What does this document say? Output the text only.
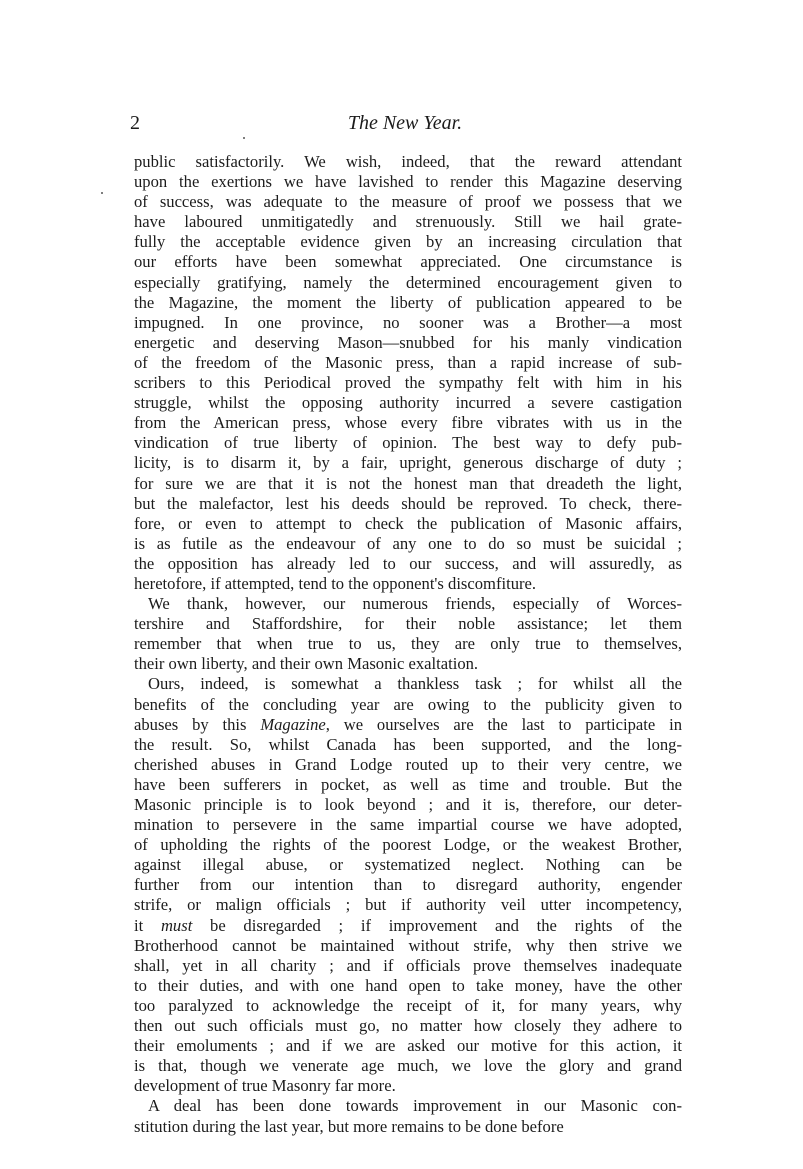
2	The New Year.

public satisfactorily. We wish, indeed, that the reward attendant
upon the exertions we have lavished to render this Magazine deserving
of success, was adequate to the measure of proof we possess that we
have laboured unmitigatedly and strenuously. Still we hail grate-
fully the acceptable evidence given by an increasing circulation that
our efforts have been somewhat appreciated. One circumstance is
especially gratifying, namely the determined encouragement given to
the Magazine, the moment the liberty of publication appeared to be
impugned. In one province, no sooner was a Brother—a most
energetic and deserving Mason—snubbed for his manly vindication
of the freedom of the Masonic press, than a rapid increase of sub-
scribers to this Periodical proved the sympathy felt with him in his
struggle, whilst the opposing authority incurred a severe castigation
from the American press, whose every fibre vibrates with us in the
vindication of true liberty of opinion. The best way to defy pub-
licity, is to disarm it, by a fair, upright, generous discharge of duty ;
for sure we are that it is not the honest man that dreadeth the light,
but the malefactor, lest his deeds should be reproved. To check, there-
fore, or even to attempt to check the publication of Masonic affairs,
is as futile as the endeavour of any one to do so must be suicidal ;
the opposition has already led to our success, and will assuredly, as
heretofore, if attempted, tend to the opponent's discomfiture.

We thank, however, our numerous friends, especially of Worces-
tershire and Staffordshire, for their noble assistance; let them
remember that when true to us, they are only true to themselves,
their own liberty, and their own Masonic exaltation.

Ours, indeed, is somewhat a thankless task ; for whilst all the
benefits of the concluding year are owing to the publicity given to
abuses by this Magazine, we ourselves are the last to participate in
the result. So, whilst Canada has been supported, and the long-
cherished abuses in Grand Lodge routed up to their very centre, we
have been sufferers in pocket, as well as time and trouble. But the
Masonic principle is to look beyond ; and it is, therefore, our deter-
mination to persevere in the same impartial course we have adopted,
of upholding the rights of the poorest Lodge, or the weakest Brother,
against illegal abuse, or systematized neglect. Nothing can be
further from our intention than to disregard authority, engender
strife, or malign officials ; but if authority veil utter incompetency,
it must be disregarded ; if improvement and the rights of the
Brotherhood cannot be maintained without strife, why then strive we
shall, yet in all charity ; and if officials prove themselves inadequate
to their duties, and with one hand open to take money, have the other
too paralyzed to acknowledge the receipt of it, for many years, why
then out such officials must go, no matter how closely they adhere to
their emoluments ; and if we are asked our motive for this action, it
is that, though we venerate age much, we love the glory and grand
development of true Masonry far more.

A deal has been done towards improvement in our Masonic con-
stitution during the last year, but more remains to be done before
